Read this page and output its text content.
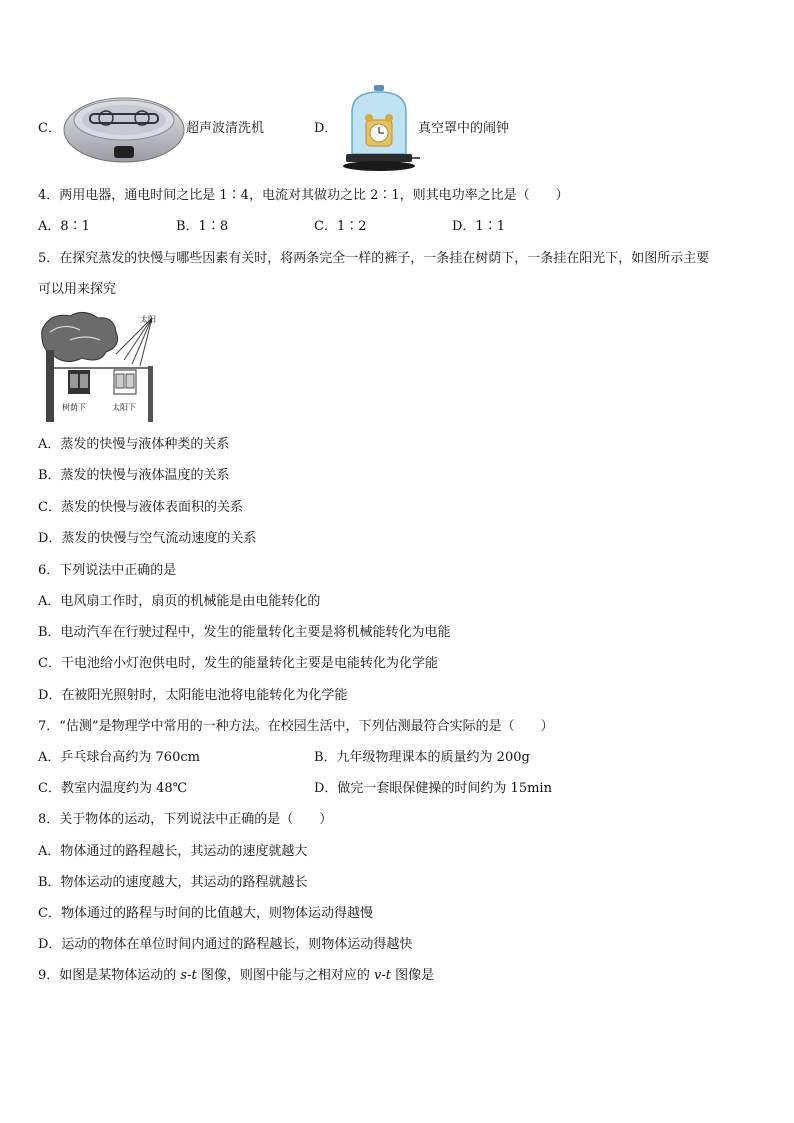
C．	超声波清洗机	D．	真空罩中的闹钟
4．两用电器，通电时间之比是 1∶4，电流对其做功之比 2∶1，则其电功率之比是（　　）
A．8∶1	B．1∶8	C．1∶2	D．1∶1
5．在探究蒸发的快慢与哪些因素有关时，将两条完全一样的裤子，一条挂在树荫下，一条挂在阳光下，如图所示主要
可以用来探究
太阳
树荫下	太阳下
A．蒸发的快慢与液体种类的关系
B．蒸发的快慢与液体温度的关系
C．蒸发的快慢与液体表面积的关系
D．蒸发的快慢与空气流动速度的关系
6．下列说法中正确的是
A．电风扇工作时，扇页的机械能是由电能转化的
B．电动汽车在行驶过程中，发生的能量转化主要是将机械能转化为电能
C．干电池给小灯泡供电时，发生的能量转化主要是电能转化为化学能
D．在被阳光照射时，太阳能电池将电能转化为化学能
7．“估测”是物理学中常用的一种方法。在校园生活中，下列估测最符合实际的是（　　）
A．乒乓球台高约为 760cm	B．九年级物理课本的质量约为 200g
C．教室内温度约为 48℃	D．做完一套眼保健操的时间约为 15min
8．关于物体的运动，下列说法中正确的是（　　）
A．物体通过的路程越长，其运动的速度就越大
B．物体运动的速度越大，其运动的路程就越长
C．物体通过的路程与时间的比值越大，则物体运动得越慢
D．运动的物体在单位时间内通过的路程越长，则物体运动得越快
9．如图是某物体运动的 s-t 图像，则图中能与之相对应的 v-t 图像是
